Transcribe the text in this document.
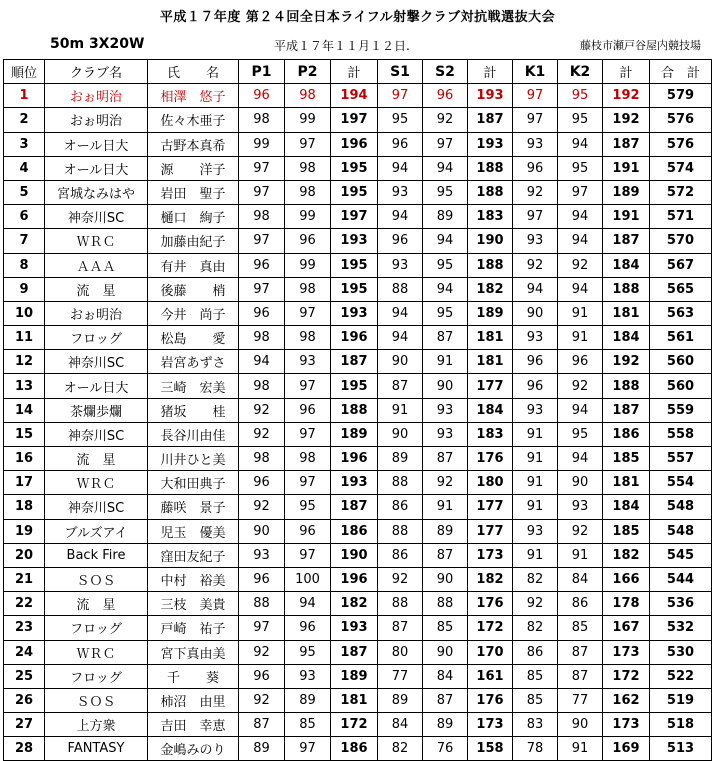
平成１７年度 第２４回全日本ライフル射撃クラブ対抗戦選抜大会
50m 3X20W	平成１７年１１月１２日.	藤枝市瀬戸谷屋内競技場
順位	クラブ名	氏　　名	P1	P2	計	S1	S2	計	K1	K2	計	合　計
1	おぉ明治	相澤　悠子	96	98	194	97	96	193	97	95	192	579
2	おぉ明治	佐々木亜子	98	99	197	95	92	187	97	95	192	576
3	オール日大	古野本真希	99	97	196	96	97	193	93	94	187	576
4	オール日大	源　　洋子	97	98	195	94	94	188	96	95	191	574
5	宮城なみはや	岩田　聖子	97	98	195	93	95	188	92	97	189	572
6	神奈川SC	樋口　絢子	98	99	197	94	89	183	97	94	191	571
7	ＷＲＣ	加藤由紀子	97	96	193	96	94	190	93	94	187	570
8	ＡＡＡ	有井　真由	96	99	195	93	95	188	92	92	184	567
9	流　星	後藤　　梢	97	98	195	88	94	182	94	94	188	565
10	おぉ明治	今井　尚子	96	97	193	94	95	189	90	91	181	563
11	フロッグ	松島　　愛	98	98	196	94	87	181	93	91	184	561
12	神奈川SC	岩宮あずさ	94	93	187	90	91	181	96	96	192	560
13	オール日大	三崎　宏美	98	97	195	87	90	177	96	92	188	560
14	茶爛歩爛	猪坂　　桂	92	96	188	91	93	184	93	94	187	559
15	神奈川SC	長谷川由佳	92	97	189	90	93	183	91	95	186	558
16	流　星	川井ひと美	98	98	196	89	87	176	91	94	185	557
17	ＷＲＣ	大和田典子	96	97	193	88	92	180	91	90	181	554
18	神奈川SC	藤咲　景子	92	95	187	86	91	177	91	93	184	548
19	ブルズアイ	児玉　優美	90	96	186	88	89	177	93	92	185	548
20	Back Fire	窪田友紀子	93	97	190	86	87	173	91	91	182	545
21	ＳＯＳ	中村　裕美	96	100	196	92	90	182	82	84	166	544
22	流　星	三枝　美貴	88	94	182	88	88	176	92	86	178	536
23	フロッグ	戸崎　祐子	97	96	193	87	85	172	82	85	167	532
24	ＷＲＣ	宮下真由美	92	95	187	80	90	170	86	87	173	530
25	フロッグ	千　　葵	96	93	189	77	84	161	85	87	172	522
26	ＳＯＳ	柿沼　由里	92	89	181	89	87	176	85	77	162	519
27	上方衆	吉田　幸恵	87	85	172	84	89	173	83	90	173	518
28	FANTASY	金嶋みのり	89	97	186	82	76	158	78	91	169	513
